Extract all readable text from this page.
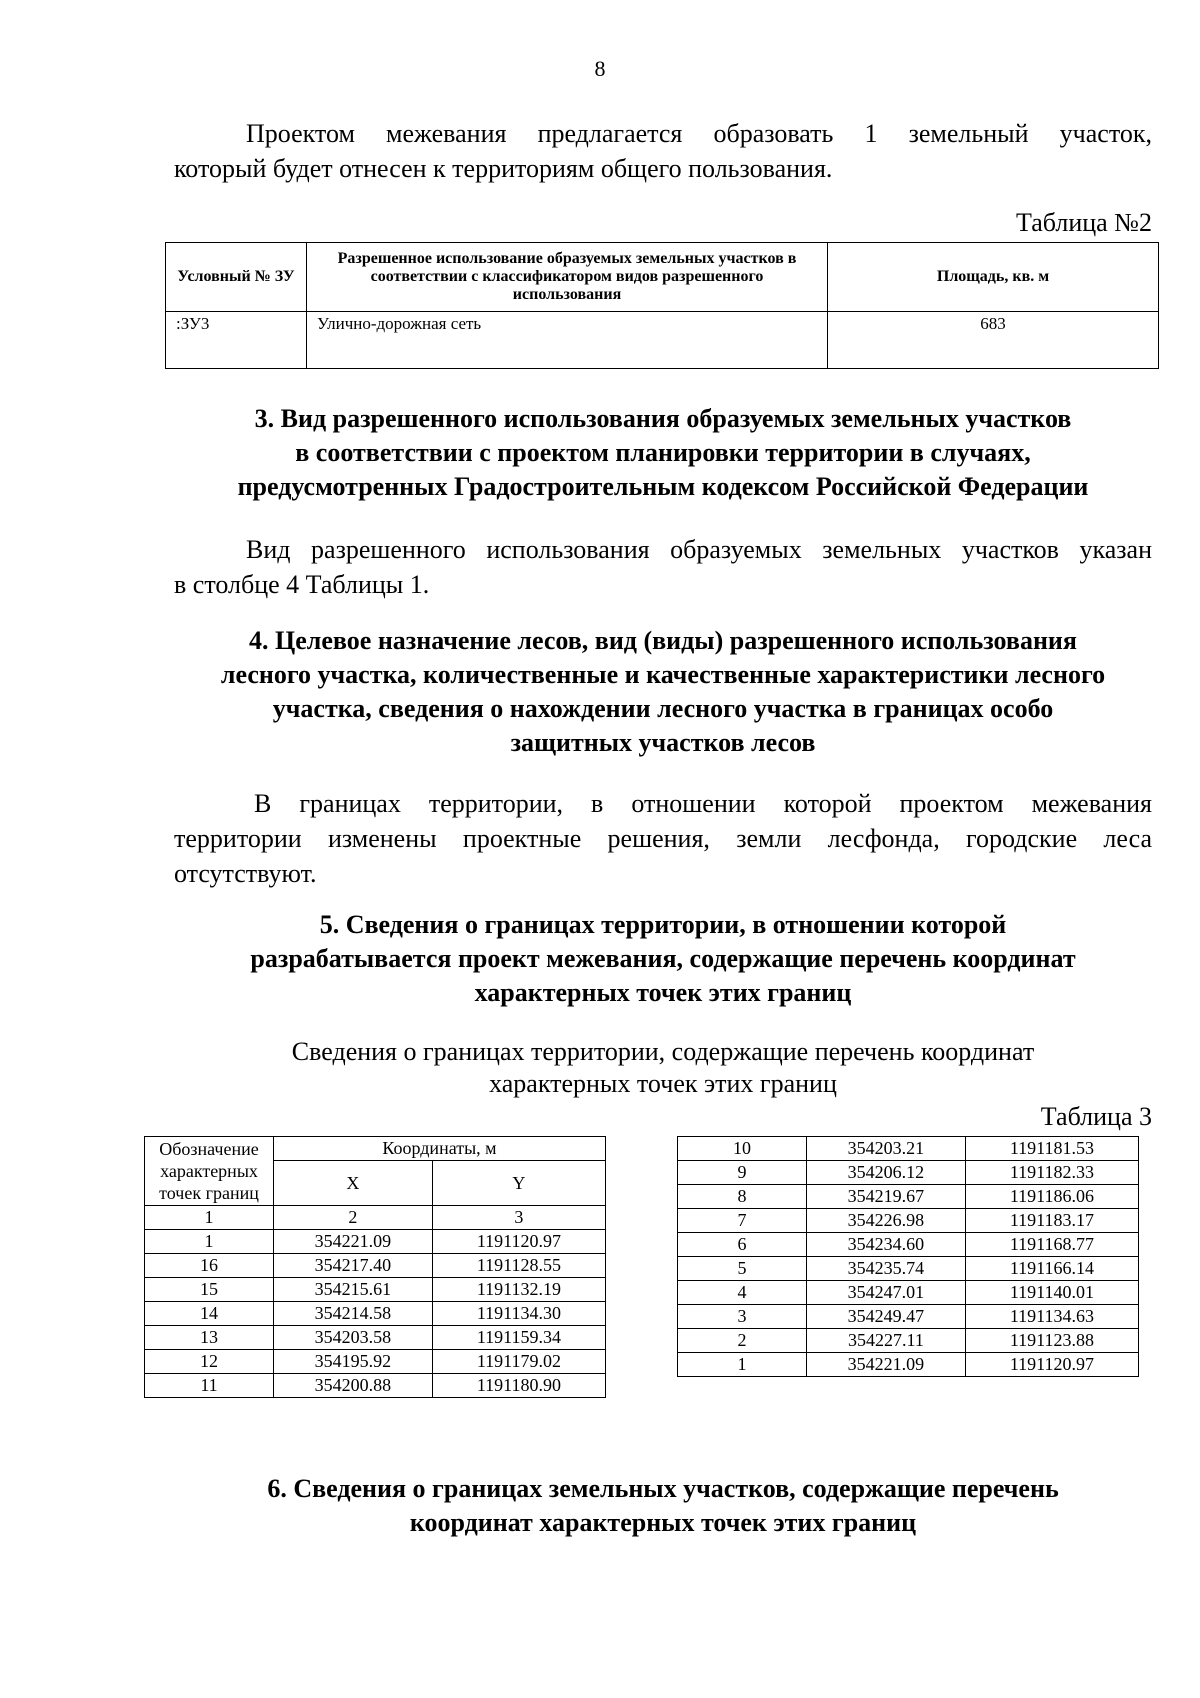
8
Проектом межевания предлагается образовать 1 земельный участок,
который будет отнесен к территориям общего пользования.
Таблица №2
Условный № ЗУ	Разрешенное использование образуемых земельных участков в соответствии с классификатором видов разрешенного использования	Площадь, кв. м
:ЗУ3	Улично-дорожная сеть	683
3. Вид разрешенного использования образуемых земельных участков
в соответствии с проектом планировки территории в случаях,
предусмотренных Градостроительным кодексом Российской Федерации
Вид разрешенного использования образуемых земельных участков указан
в столбце 4 Таблицы 1.
4. Целевое назначение лесов, вид (виды) разрешенного использования
лесного участка, количественные и качественные характеристики лесного
участка, сведения о нахождении лесного участка в границах особо
защитных участков лесов
В границах территории, в отношении которой проектом межевания
территории изменены проектные решения, земли лесфонда, городские леса
отсутствуют.
5. Сведения о границах территории, в отношении которой
разрабатывается проект межевания, содержащие перечень координат
характерных точек этих границ
Сведения о границах территории, содержащие перечень координат
характерных точек этих границ
Таблица 3
Обозначение характерных точек границ	Координаты, м	
	X	Y
1	2	3
1	354221.09	1191120.97
16	354217.40	1191128.55
15	354215.61	1191132.19
14	354214.58	1191134.30
13	354203.58	1191159.34
12	354195.92	1191179.02
11	354200.88	1191180.90
10	354203.21	1191181.53
9	354206.12	1191182.33
8	354219.67	1191186.06
7	354226.98	1191183.17
6	354234.60	1191168.77
5	354235.74	1191166.14
4	354247.01	1191140.01
3	354249.47	1191134.63
2	354227.11	1191123.88
1	354221.09	1191120.97
6. Сведения о границах земельных участков, содержащие перечень
координат характерных точек этих границ
